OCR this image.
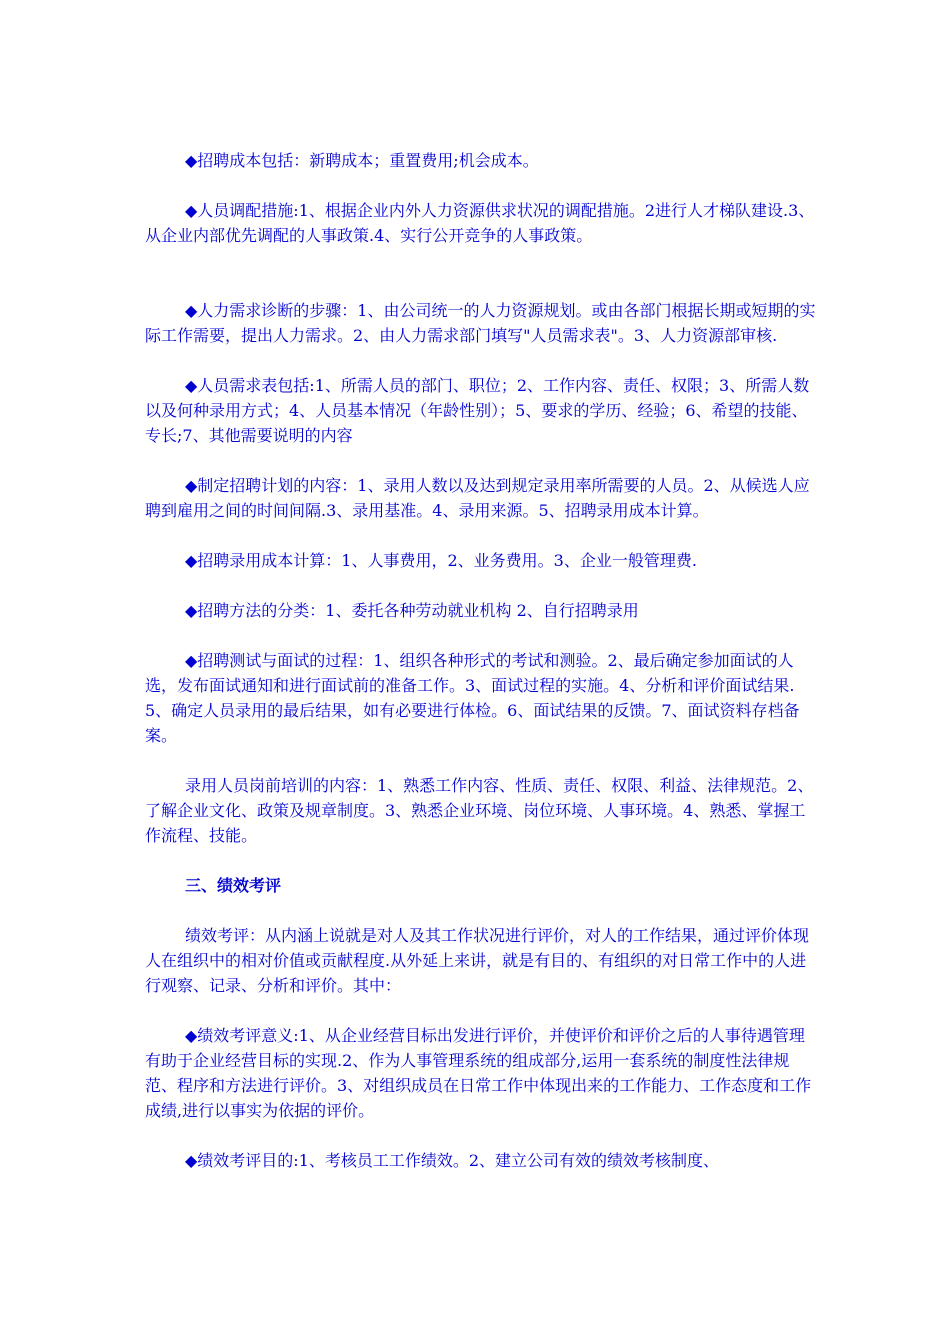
◆招聘成本包括：新聘成本；重置费用;机会成本。

◆人员调配措施:1、根据企业内外人力资源供求状况的调配措施。2进行人才梯队建设.3、从企业内部优先调配的人事政策.4、实行公开竞争的人事政策。

◆人力需求诊断的步骤：1、由公司统一的人力资源规划。或由各部门根据长期或短期的实际工作需要，提出人力需求。2、由人力需求部门填写"人员需求表"。3、人力资源部审核.

◆人员需求表包括:1、所需人员的部门、职位；2、工作内容、责任、权限；3、所需人数以及何种录用方式；4、人员基本情况（年龄性别）；5、要求的学历、经验；6、希望的技能、专长;7、其他需要说明的内容

◆制定招聘计划的内容：1、录用人数以及达到规定录用率所需要的人员。2、从候选人应聘到雇用之间的时间间隔.3、录用基准。4、录用来源。5、招聘录用成本计算。

◆招聘录用成本计算：1、人事费用，2、业务费用。3、企业一般管理费.

◆招聘方法的分类：1、委托各种劳动就业机构 2、自行招聘录用

◆招聘测试与面试的过程：1、组织各种形式的考试和测验。2、最后确定参加面试的人选，发布面试通知和进行面试前的准备工作。3、面试过程的实施。4、分析和评价面试结果.5、确定人员录用的最后结果，如有必要进行体检。6、面试结果的反馈。7、面试资料存档备案。

录用人员岗前培训的内容：1、熟悉工作内容、性质、责任、权限、利益、法律规范。2、了解企业文化、政策及规章制度。3、熟悉企业环境、岗位环境、人事环境。4、熟悉、掌握工作流程、技能。

三、绩效考评

绩效考评：从内涵上说就是对人及其工作状况进行评价，对人的工作结果，通过评价体现人在组织中的相对价值或贡献程度.从外延上来讲，就是有目的、有组织的对日常工作中的人进行观察、记录、分析和评价。其中：

◆绩效考评意义:1、从企业经营目标出发进行评价，并使评价和评价之后的人事待遇管理有助于企业经营目标的实现.2、作为人事管理系统的组成部分,运用一套系统的制度性法律规范、程序和方法进行评价。3、对组织成员在日常工作中体现出来的工作能力、工作态度和工作成绩,进行以事实为依据的评价。

◆绩效考评目的:1、考核员工工作绩效。2、建立公司有效的绩效考核制度、
